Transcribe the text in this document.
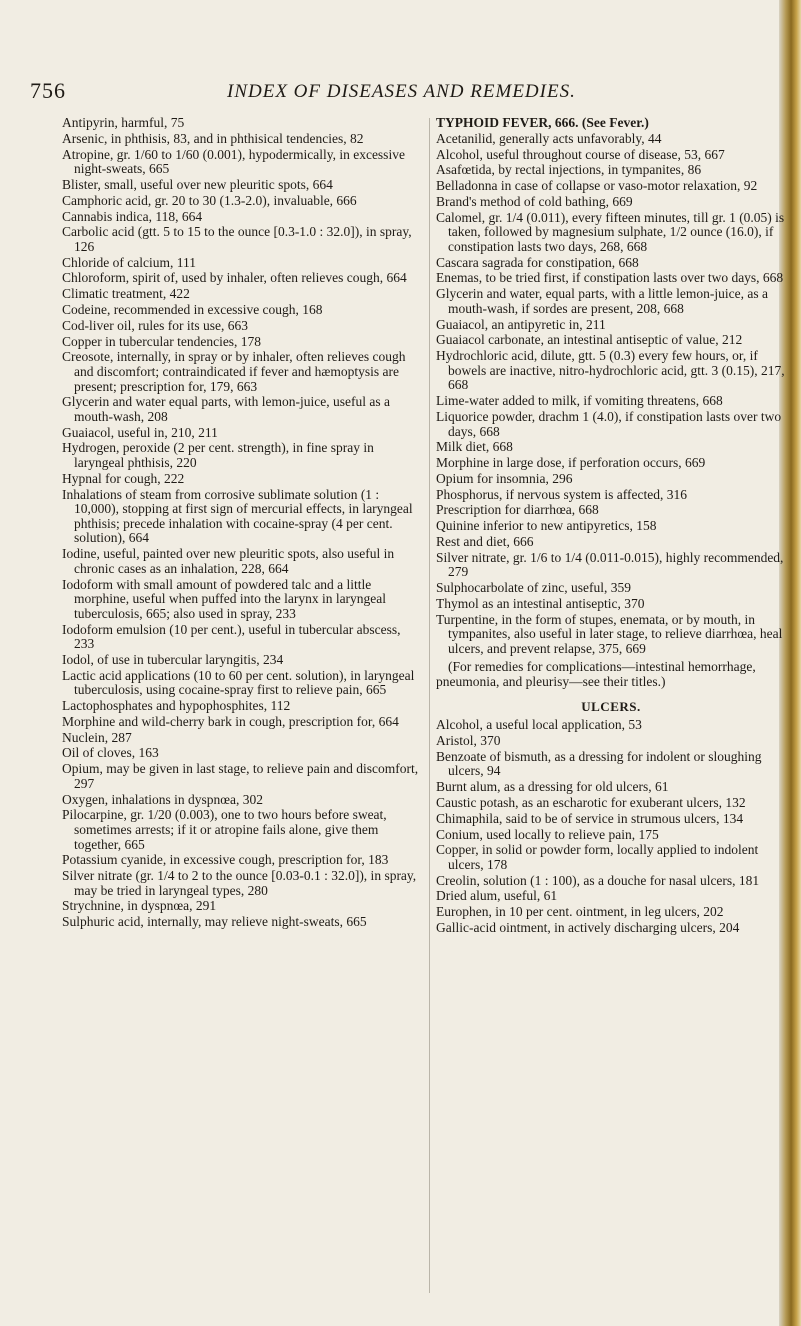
756	INDEX OF DISEASES AND REMEDIES.
Antipyrin, harmful, 75
Arsenic, in phthisis, 83, and in phthisical tendencies, 82
Atropine, gr. 1/60 to 1/60 (0.001), hypodermically, in excessive night-sweats, 665
Blister, small, useful over new pleuritic spots, 664
Camphoric acid, gr. 20 to 30 (1.3-2.0), invaluable, 666
Cannabis indica, 118, 664
Carbolic acid (gtt. 5 to 15 to the ounce [0.3-1.0 : 32.0]), in spray, 126
Chloride of calcium, 111
Chloroform, spirit of, used by inhaler, often relieves cough, 664
Climatic treatment, 422
Codeine, recommended in excessive cough, 168
Cod-liver oil, rules for its use, 663
Copper in tubercular tendencies, 178
Creosote, internally, in spray or by inhaler, often relieves cough and discomfort; contraindicated if fever and hæmoptysis are present; prescription for, 179, 663
Glycerin and water equal parts, with lemon-juice, useful as a mouth-wash, 208
Guaiacol, useful in, 210, 211
Hydrogen, peroxide (2 per cent. strength), in fine spray in laryngeal phthisis, 220
Hypnal for cough, 222
Inhalations of steam from corrosive sublimate solution (1 : 10,000), stopping at first sign of mercurial effects, in laryngeal phthisis; precede inhalation with cocaine-spray (4 per cent. solution), 664
Iodine, useful, painted over new pleuritic spots, also useful in chronic cases as an inhalation, 228, 664
Iodoform with small amount of powdered talc and a little morphine, useful when puffed into the larynx in laryngeal tuberculosis, 665; also used in spray, 233
Iodoform emulsion (10 per cent.), useful in tubercular abscess, 233
Iodol, of use in tubercular laryngitis, 234
Lactic acid applications (10 to 60 per cent. solution), in laryngeal tuberculosis, using cocaine-spray first to relieve pain, 665
Lactophosphates and hypophosphites, 112
Morphine and wild-cherry bark in cough, prescription for, 664
Nuclein, 287
Oil of cloves, 163
Opium, may be given in last stage, to relieve pain and discomfort, 297
Oxygen, inhalations in dyspnœa, 302
Pilocarpine, gr. 1/20 (0.003), one to two hours before sweat, sometimes arrests; if it or atropine fails alone, give them together, 665
Potassium cyanide, in excessive cough, prescription for, 183
Silver nitrate (gr. 1/4 to 2 to the ounce [0.03-0.1 : 32.0]), in spray, may be tried in laryngeal types, 280
Strychnine, in dyspnœa, 291
Sulphuric acid, internally, may relieve night-sweats, 665
TYPHOID FEVER, 666. (See Fever.)
Acetanilid, generally acts unfavorably, 44
Alcohol, useful throughout course of disease, 53, 667
Asafœtida, by rectal injections, in tympanites, 86
Belladonna in case of collapse or vaso-motor relaxation, 92
Brand's method of cold bathing, 669
Calomel, gr. 1/4 (0.011), every fifteen minutes, till gr. 1 (0.05) is taken, followed by magnesium sulphate, 1/2 ounce (16.0), if constipation lasts two days, 268, 668
Cascara sagrada for constipation, 668
Enemas, to be tried first, if constipation lasts over two days, 668
Glycerin and water, equal parts, with a little lemon-juice, as a mouth-wash, if sordes are present, 208, 668
Guaiacol, an antipyretic in, 211
Guaiacol carbonate, an intestinal antiseptic of value, 212
Hydrochloric acid, dilute, gtt. 5 (0.3) every few hours, or, if bowels are inactive, nitro-hydrochloric acid, gtt. 3 (0.15), 217, 668
Lime-water added to milk, if vomiting threatens, 668
Liquorice powder, drachm 1 (4.0), if constipation lasts over two days, 668
Milk diet, 668
Morphine in large dose, if perforation occurs, 669
Opium for insomnia, 296
Phosphorus, if nervous system is affected, 316
Prescription for diarrhœa, 668
Quinine inferior to new antipyretics, 158
Rest and diet, 666
Silver nitrate, gr. 1/6 to 1/4 (0.011-0.015), highly recommended, 279
Sulphocarbolate of zinc, useful, 359
Thymol as an intestinal antiseptic, 370
Turpentine, in the form of stupes, enemata, or by mouth, in tympanites, also useful in later stage, to relieve diarrhœa, heal ulcers, and prevent relapse, 375, 669
(For remedies for complications—intestinal hemorrhage, pneumonia, and pleurisy—see their titles.)
ULCERS.
Alcohol, a useful local application, 53
Aristol, 370
Benzoate of bismuth, as a dressing for indolent or sloughing ulcers, 94
Burnt alum, as a dressing for old ulcers, 61
Caustic potash, as an escharotic for exuberant ulcers, 132
Chimaphila, said to be of service in strumous ulcers, 134
Conium, used locally to relieve pain, 175
Copper, in solid or powder form, locally applied to indolent ulcers, 178
Creolin, solution (1 : 100), as a douche for nasal ulcers, 181
Dried alum, useful, 61
Europhen, in 10 per cent. ointment, in leg ulcers, 202
Gallic-acid ointment, in actively discharging ulcers, 204
